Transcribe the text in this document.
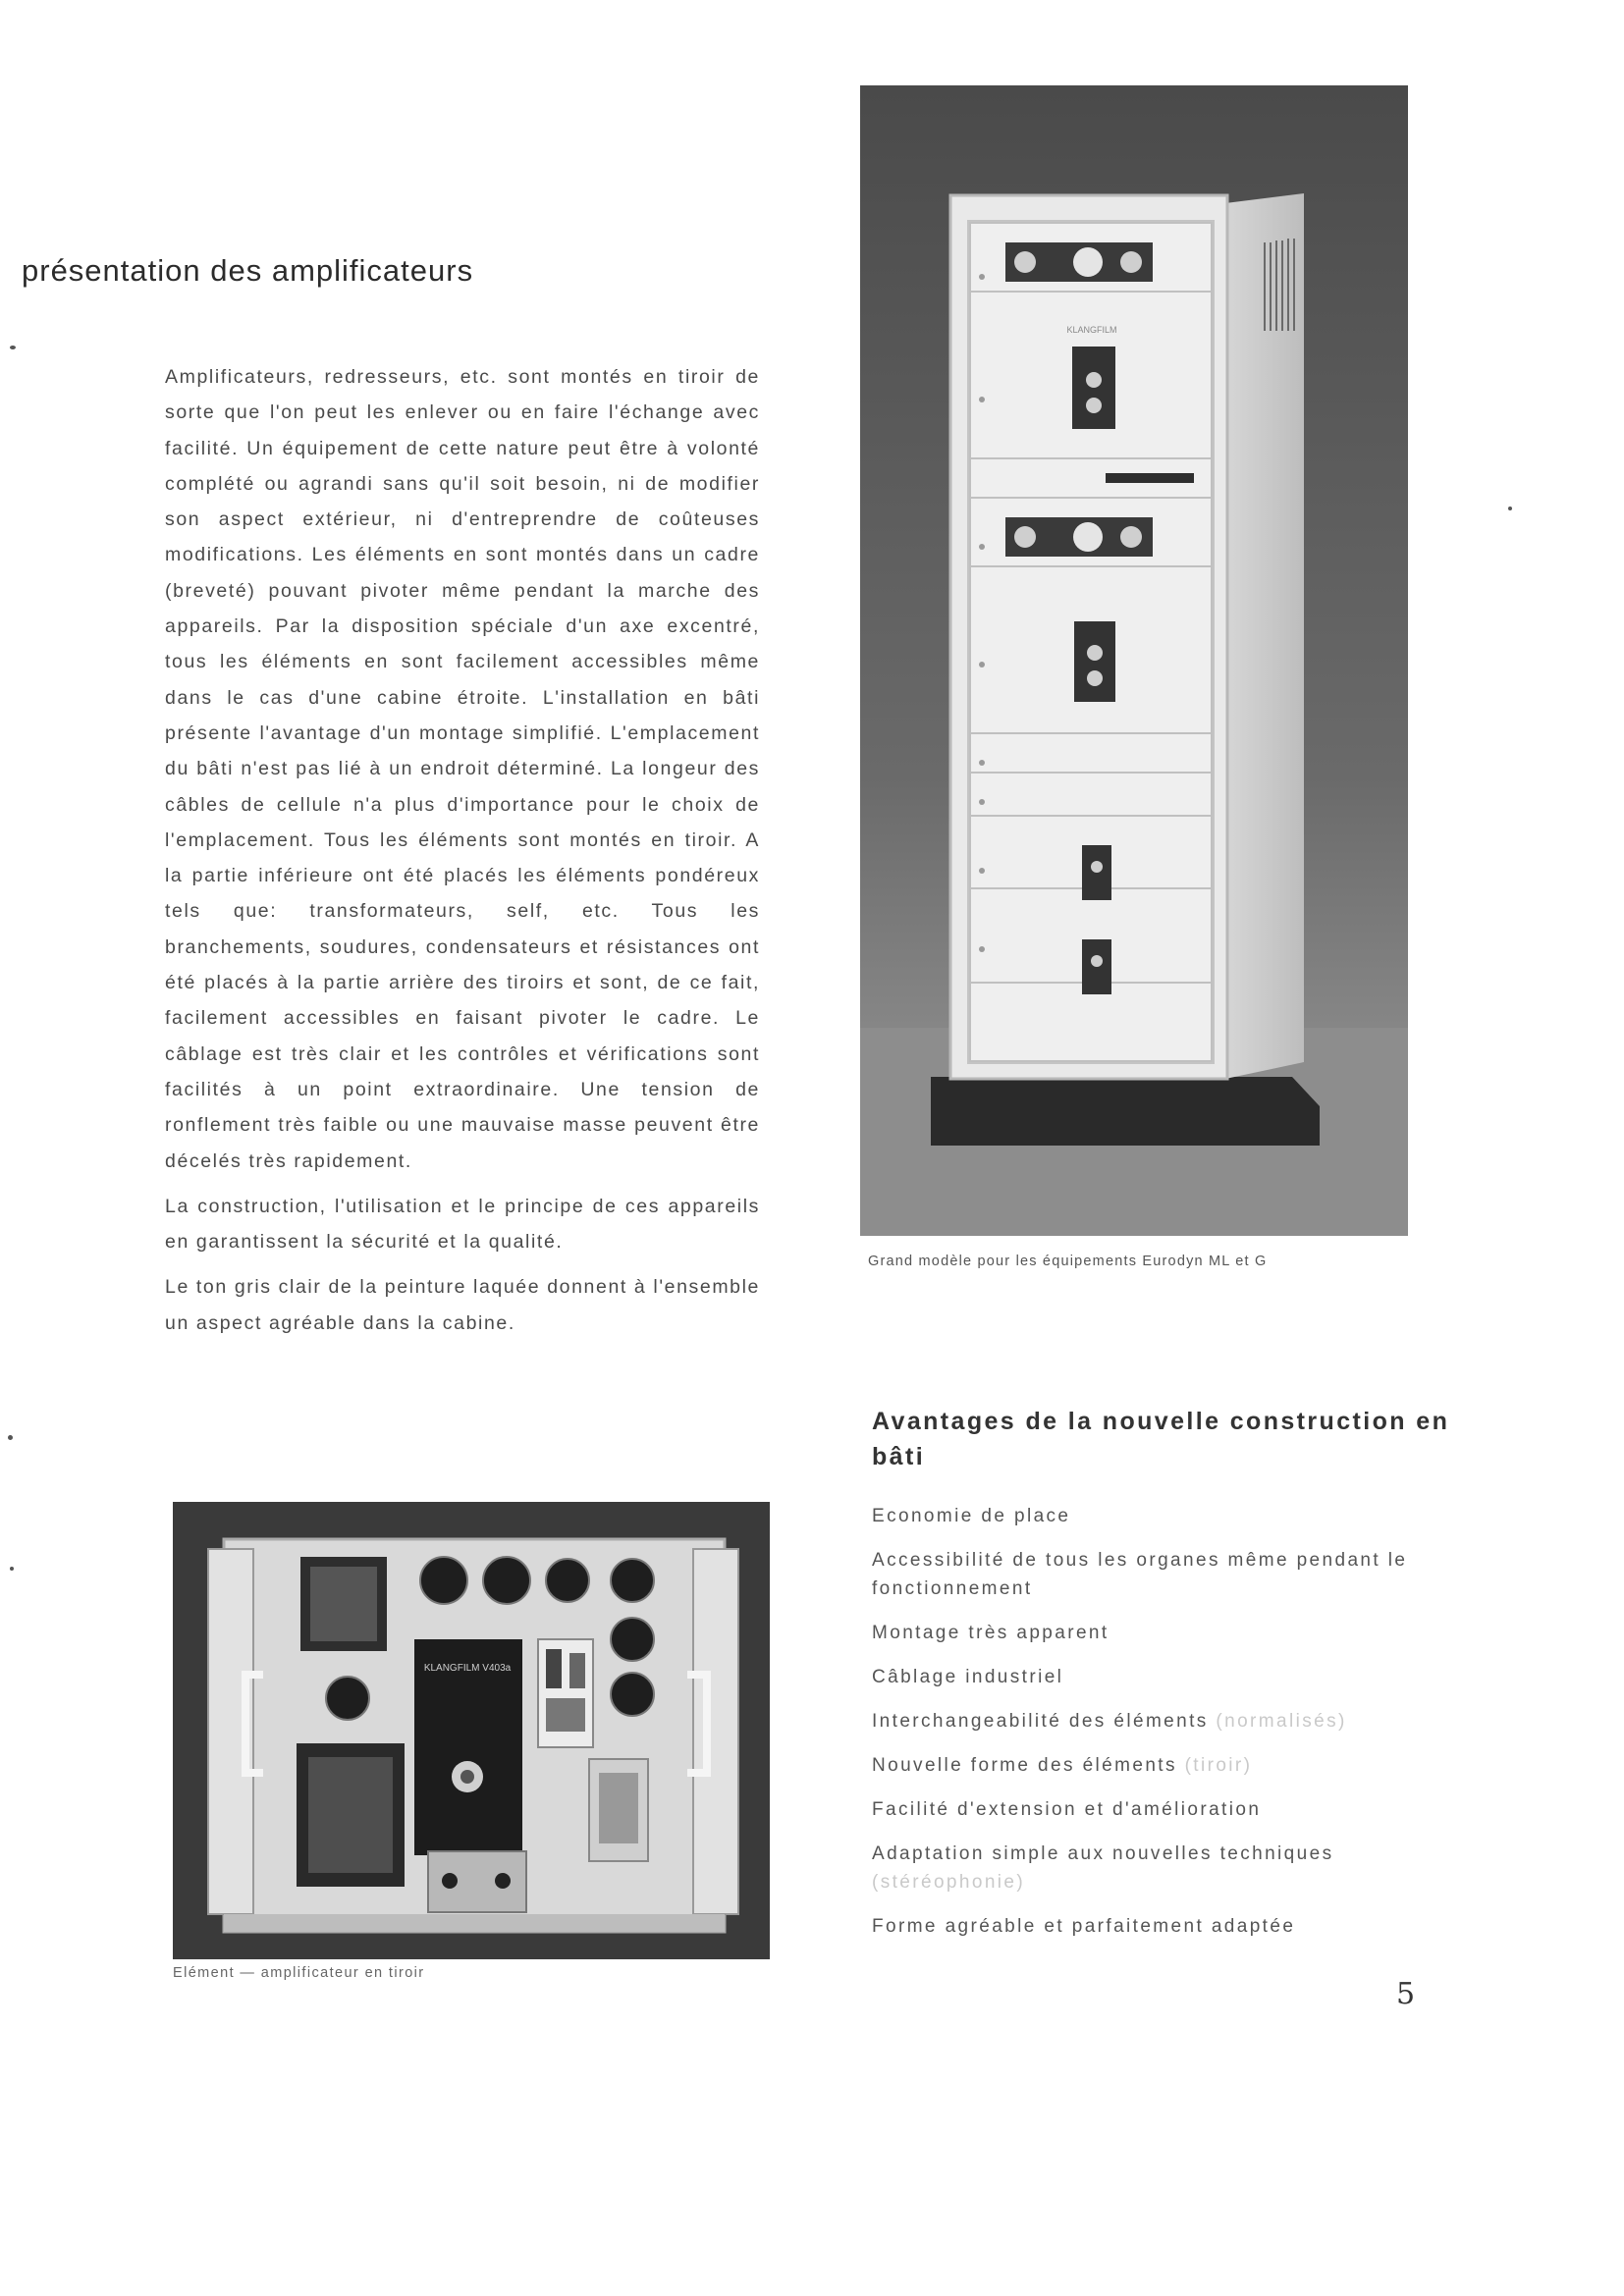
présentation des amplificateurs

Amplificateurs, redresseurs, etc. sont montés en tiroir de sorte que l'on peut les enlever ou en faire l'échange avec facilité. Un équipement de cette nature peut être à volonté complété ou agrandi sans qu'il soit besoin, ni de modifier son aspect extérieur, ni d'entreprendre de coûteuses modifications. Les éléments en sont montés dans un cadre (breveté) pouvant pivoter même pendant la marche des appareils. Par la disposition spéciale d'un axe excentré, tous les éléments en sont facilement accessibles même dans le cas d'une cabine étroite. L'installation en bâti présente l'avantage d'un montage simplifié. L'emplacement du bâti n'est pas lié à un endroit déterminé. La longeur des câbles de cellule n'a plus d'importance pour le choix de l'emplacement. Tous les éléments sont montés en tiroir. A la partie inférieure ont été placés les éléments pondéreux tels que: transformateurs, self, etc. Tous les branchements, soudures, condensateurs et résistances ont été placés à la partie arrière des tiroirs et sont, de ce fait, facilement accessibles en faisant pivoter le cadre. Le câblage est très clair et les contrôles et vérifications sont facilités à un point extraordinaire. Une tension de ronflement très faible ou une mauvaise masse peuvent être décelés très rapidement.

La construction, l'utilisation et le principe de ces appareils en garantissent la sécurité et la qualité.

Le ton gris clair de la peinture laquée donnent à l'ensemble un aspect agréable dans la cabine.

KLANGFILM
Grand modèle pour les équipements Eurodyn ML et G
KLANGFILM V403a
Elément — amplificateur en tiroir
Avantages de la nouvelle construction en bâti
Economie de place
Accessibilité de tous les organes même pendant le fonctionnement
Montage très apparent
Câblage industriel
Interchangeabilité des éléments (normalisés)
Nouvelle forme des éléments (tiroir)
Facilité d'extension et d'amélioration
Adaptation simple aux nouvelles techniques (stéréophonie)
Forme agréable et parfaitement adaptée
5
